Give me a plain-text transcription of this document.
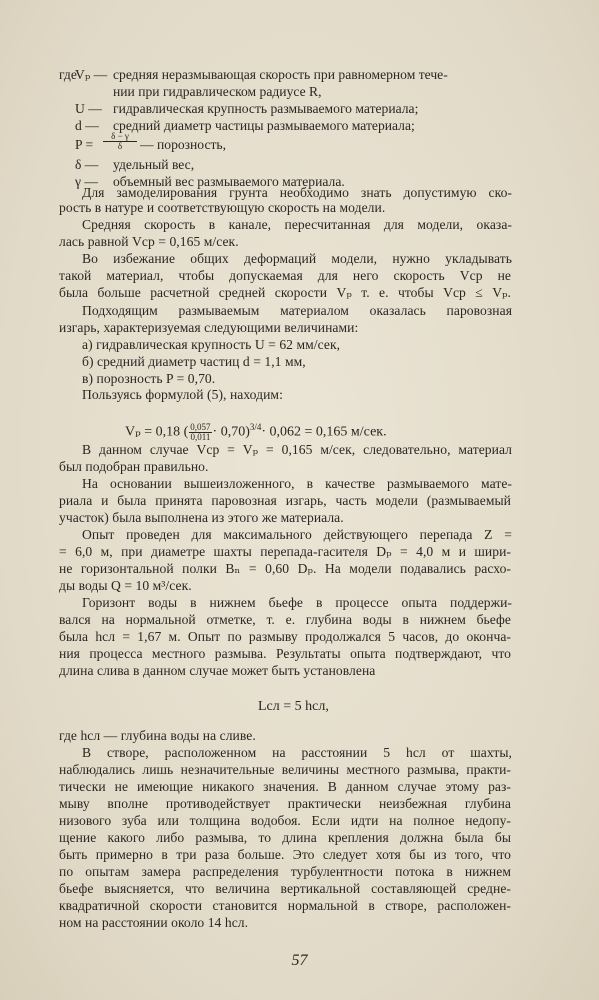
где
Vₚ — средняя неразмывающая скорость при равномерном тече-
нии при гидравлическом радиусе R,
U — гидравлическая крупность размываемого материала;
d — средний диаметр частицы размываемого материала;
$P = \frac{\delta - \gamma}{\delta}$ — порозность,
δ — удельный вес,
γ — объемный вес размываемого материала.
Для замоделирования грунта необходимо знать допустимую ско-
рость в натуре и соответствующую скорость на модели.
Средняя скорость в канале, пересчитанная для модели, оказа-
лась равной Vср = 0,165 м/сек.
Во избежание общих деформаций модели, нужно укладывать
такой материал, чтобы допускаемая для него скорость Vср не
была больше расчетной средней скорости Vₚ т. е. чтобы Vср ≤ Vₚ.
Подходящим размываемым материалом оказалась паровозная
изгарь, характеризуемая следующими величинами:
а) гидравлическая крупность U = 62 мм/сек,
б) средний диаметр частиц d = 1,1 мм,
в) порозность P = 0,70.
Пользуясь формулой (5), находим:
Vₚ = 0,18 ( $\frac{0,057}{0,011} \cdot 0,70)^{3/4}\cdot 0,062 = 0,165$ м/сек.
В данном случае Vср = Vₚ = 0,165 м/сек, следовательно, материал
был подобран правильно.
На основании вышеизложенного, в качестве размываемого мате-
риала и была принята паровозная изгарь, часть модели (размываемый
участок) была выполнена из этого же материала.
Опыт проведен для максимального действующего перепада Z =
= 6,0 м, при диаметре шахты перепада-гасителя Dₚ = 4,0 м и шири-
не горизонтальной полки Bₙ = 0,60 Dₚ. На модели подавались расхо-
ды воды Q = 10 м³/сек.
Горизонт воды в нижнем бьефе в процессе опыта поддержи-
вался на нормальной отметке, т. е. глубина воды в нижнем бьефе
была hсл = 1,67 м. Опыт по размыву продолжался 5 часов, до оконча-
ния процесса местного размыва. Результаты опыта подтверждают, что
длина слива в данном случае может быть установлена
Lсл = 5 hсл,
где hсл — глубина воды на сливе.
В створе, расположенном на расстоянии 5 hсл от шахты,
наблюдались лишь незначительные величины местного размыва, практи-
тически не имеющие никакого значения. В данном случае этому раз-
мыву вполне противодействует практически неизбежная глубина
низового зуба или толщина водобоя. Если идти на полное недопу-
щение какого либо размыва, то длина крепления должна была бы
быть примерно в три раза больше. Это следует хотя бы из того, что
по опытам замера распределения турбулентности потока в нижнем
бьефе выясняется, что величина вертикальной составляющей средне-
квадратичной скорости становится нормальной в створе, расположен-
ном на расстоянии около 14 hсл.
57
